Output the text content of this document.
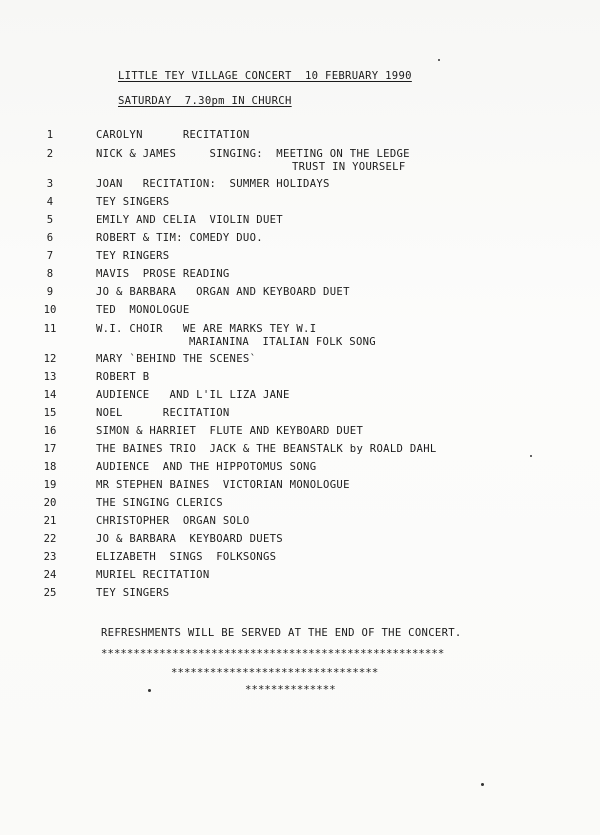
LITTLE TEY VILLAGE CONCERT  10 FEBRUARY 1990
SATURDAY  7.30pm IN CHURCH
1	CAROLYN      RECITATION
2	NICK & JAMES     SINGING:  MEETING ON THE LEDGE
TRUST IN YOURSELF
3	JOAN   RECITATION:  SUMMER HOLIDAYS
4	TEY SINGERS
5	EMILY AND CELIA  VIOLIN DUET
6	ROBERT & TIM: COMEDY DUO.
7	TEY RINGERS
8	MAVIS  PROSE READING
9	JO & BARBARA   ORGAN AND KEYBOARD DUET
10	TED  MONOLOGUE
11	W.I. CHOIR   WE ARE MARKS TEY W.I
MARIANINA  ITALIAN FOLK SONG
12	MARY `BEHIND THE SCENES`
13	ROBERT B
14	AUDIENCE   AND L'IL LIZA JANE
15	NOEL      RECITATION
16	SIMON & HARRIET  FLUTE AND KEYBOARD DUET
17	THE BAINES TRIO  JACK & THE BEANSTALK by ROALD DAHL
18	AUDIENCE  AND THE HIPPOTOMUS SONG
19	MR STEPHEN BAINES  VICTORIAN MONOLOGUE
20	THE SINGING CLERICS
21	CHRISTOPHER  ORGAN SOLO
22	JO & BARBARA  KEYBOARD DUETS
23	ELIZABETH  SINGS  FOLKSONGS
24	MURIEL RECITATION
25	TEY SINGERS
REFRESHMENTS WILL BE SERVED AT THE END OF THE CONCERT.
*****************************************************
********************************
**************
